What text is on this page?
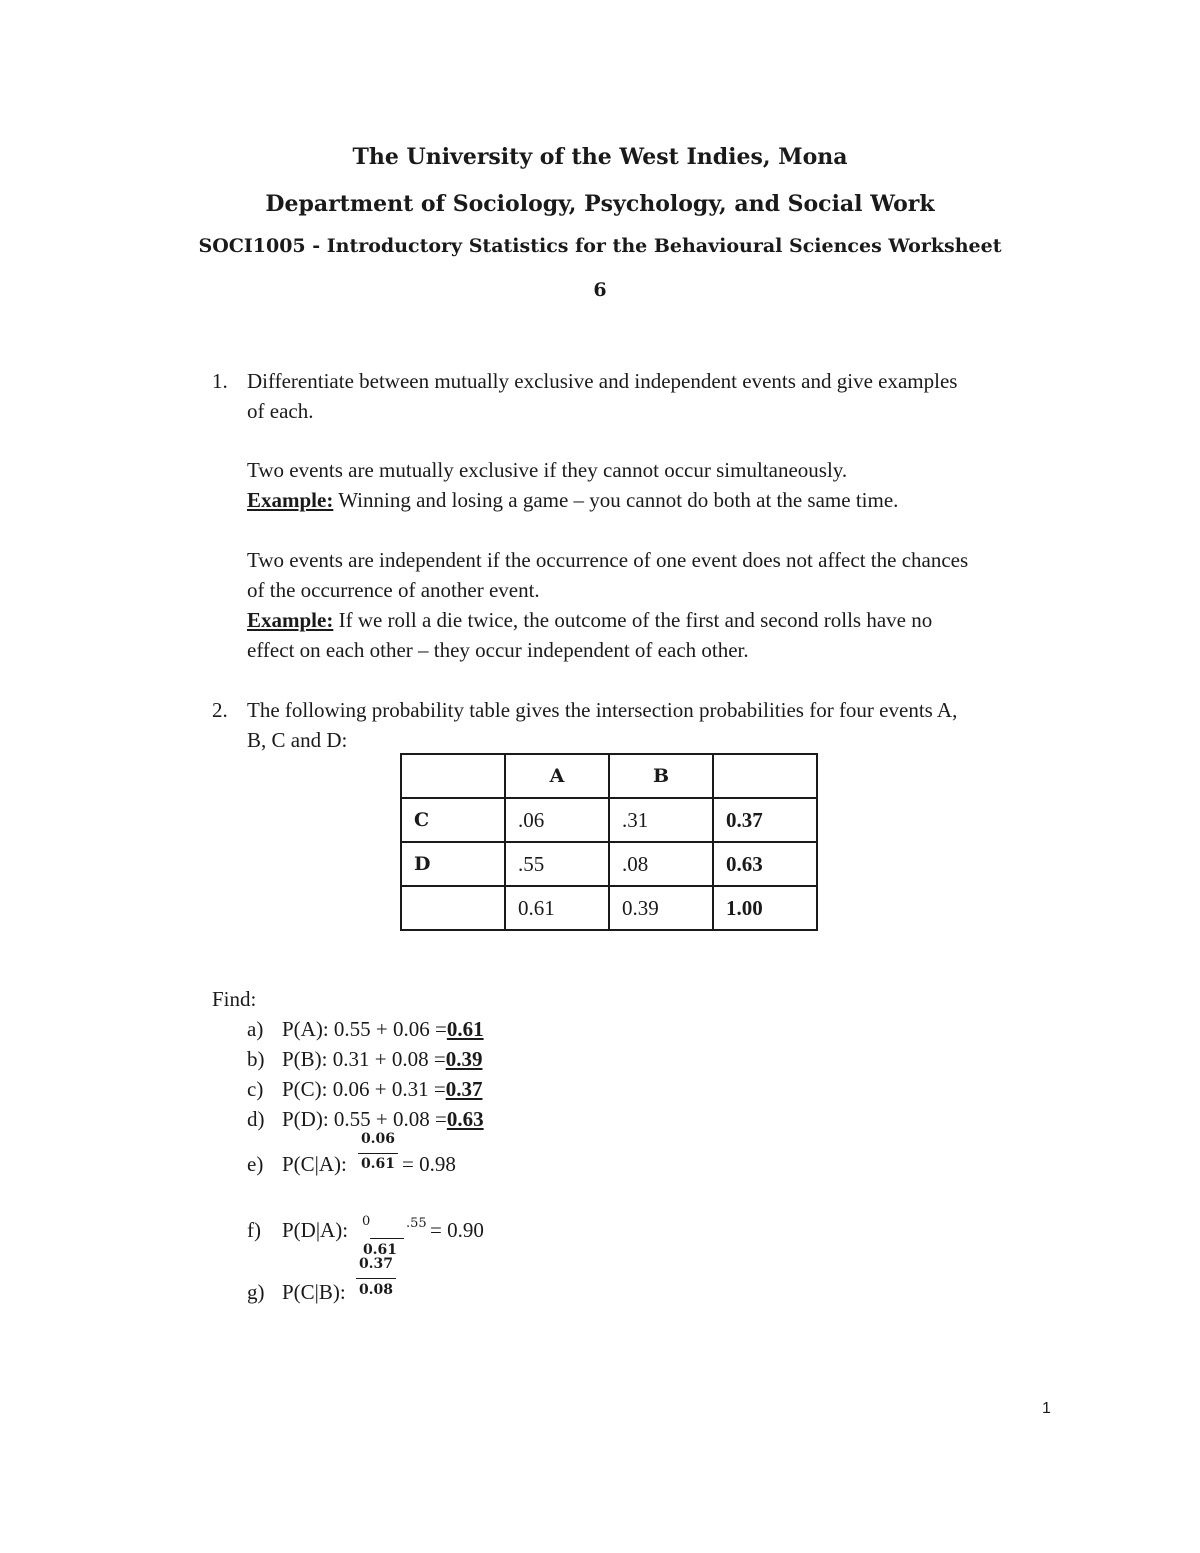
The University of the West Indies, Mona
Department of Sociology, Psychology, and Social Work
SOCI1005 - Introductory Statistics for the Behavioural Sciences Worksheet
6
1. Differentiate between mutually exclusive and independent events and give examples
of each.
Two events are mutually exclusive if they cannot occur simultaneously.
Example: Winning and losing a game – you cannot do both at the same time.
Two events are independent if the occurrence of one event does not affect the chances
of the occurrence of another event.
Example: If we roll a die twice, the outcome of the first and second rolls have no
effect on each other – they occur independent of each other.
2. The following probability table gives the intersection probabilities for four events A,
B, C and D:
	A	B	
C	.06	.31	0.37
D	.55	.08	0.63
	0.61	0.39	1.00
Find:
a) P(A): 0.55 + 0.06 =0.61
b) P(B): 0.31 + 0.08 =0.39
c) P(C): 0.06 + 0.31 =0.37
d) P(D): 0.55 + 0.08 =0.63
0.06
0.61
e) P(C|A):	= 0.98
f) P(D|A): 0	.55 = 0.90
0.61
0.37
0.08
g) P(C|B):
1
